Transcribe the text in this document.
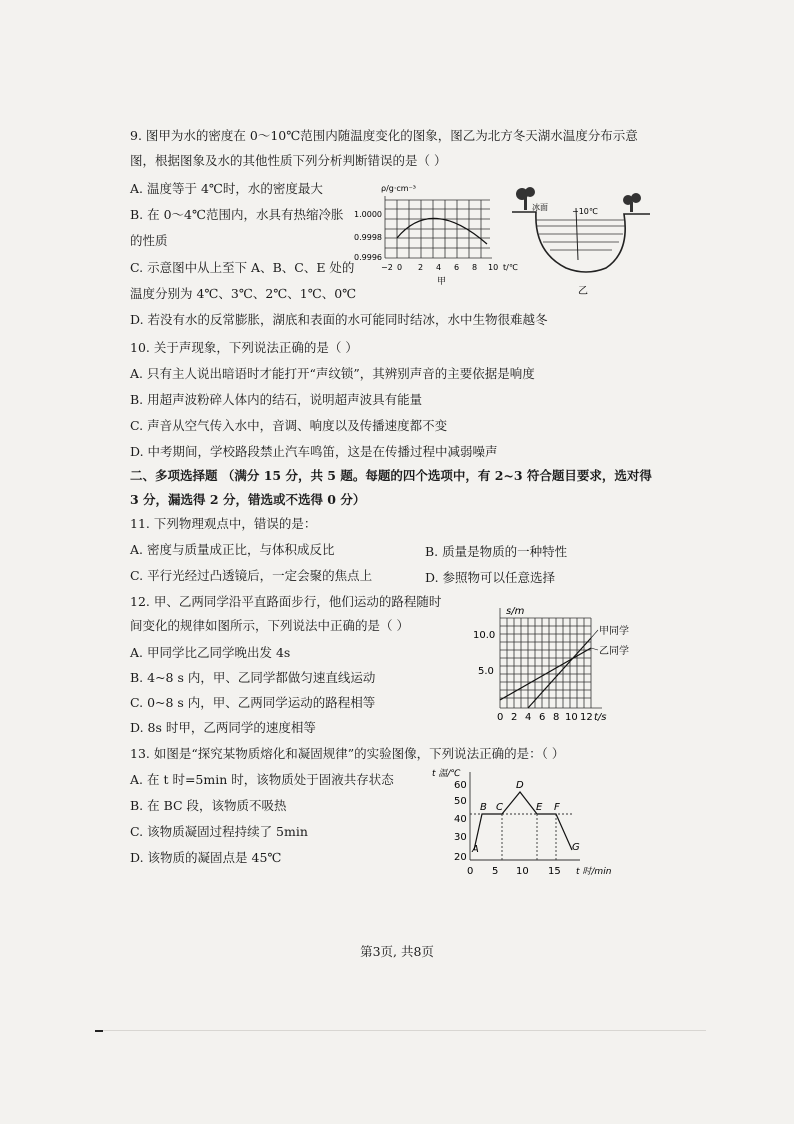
9. 图甲为水的密度在 0～10℃范围内随温度变化的图象，图乙为北方冬天湖水温度分布示意
图，根据图象及水的其他性质下列分析判断错误的是（ ）
A. 温度等于 4℃时，水的密度最大
B. 在 0～4℃范围内，水具有热缩冷胀
的性质
C. 示意图中从上至下 A、B、C、E 处的
温度分别为 4℃、3℃、2℃、1℃、0℃
D. 若没有水的反常膨胀，湖底和表面的水可能同时结冰，水中生物很难越冬
ρ/g·cm⁻³
1.0000
0.9998
0.9996
−2 0 2 4 6 8 10 t/℃
甲
冰面	−10℃
乙
10. 关于声现象，下列说法正确的是（ ）
A. 只有主人说出暗语时才能打开“声纹锁”，其辨别声音的主要依据是响度
B. 用超声波粉碎人体内的结石，说明超声波具有能量
C. 声音从空气传入水中，音调、响度以及传播速度都不变
D. 中考期间，学校路段禁止汽车鸣笛，这是在传播过程中减弱噪声
二、多项选择题 （满分 15 分，共 5 题。每题的四个选项中，有 2~3 符合题目要求，选对得
3 分，漏选得 2 分，错选或不选得 0 分）
11. 下列物理观点中，错误的是：
A. 密度与质量成正比，与体积成反比	B. 质量是物质的一种特性
C. 平行光经过凸透镜后，一定会聚的焦点上	D. 参照物可以任意选择
12. 甲、乙两同学沿平直路面步行，他们运动的路程随时
间变化的规律如图所示，下列说法中正确的是（ ）
A. 甲同学比乙同学晚出发 4s
B. 4~8 s 内，甲、乙同学都做匀速直线运动
C. 0~8 s 内，甲、乙两同学运动的路程相等
D. 8s 时甲，乙两同学的速度相等
s/m
甲同学
乙同学
10.0
5.0
0 2 4 6 8 10 12 t/s
13. 如图是“探究某物质熔化和凝固规律”的实验图像，下列说法正确的是：（ ）
A. 在 t 时=5min 时，该物质处于固液共存状态
B. 在 BC 段，该物质不吸热
C. 该物质凝固过程持续了 5min
D. 该物质的凝固点是 45℃
t 温/℃
60
50
40
30
20
A
B C
D
E F
G
0 5 10 15 t 时/min
第3页, 共8页
